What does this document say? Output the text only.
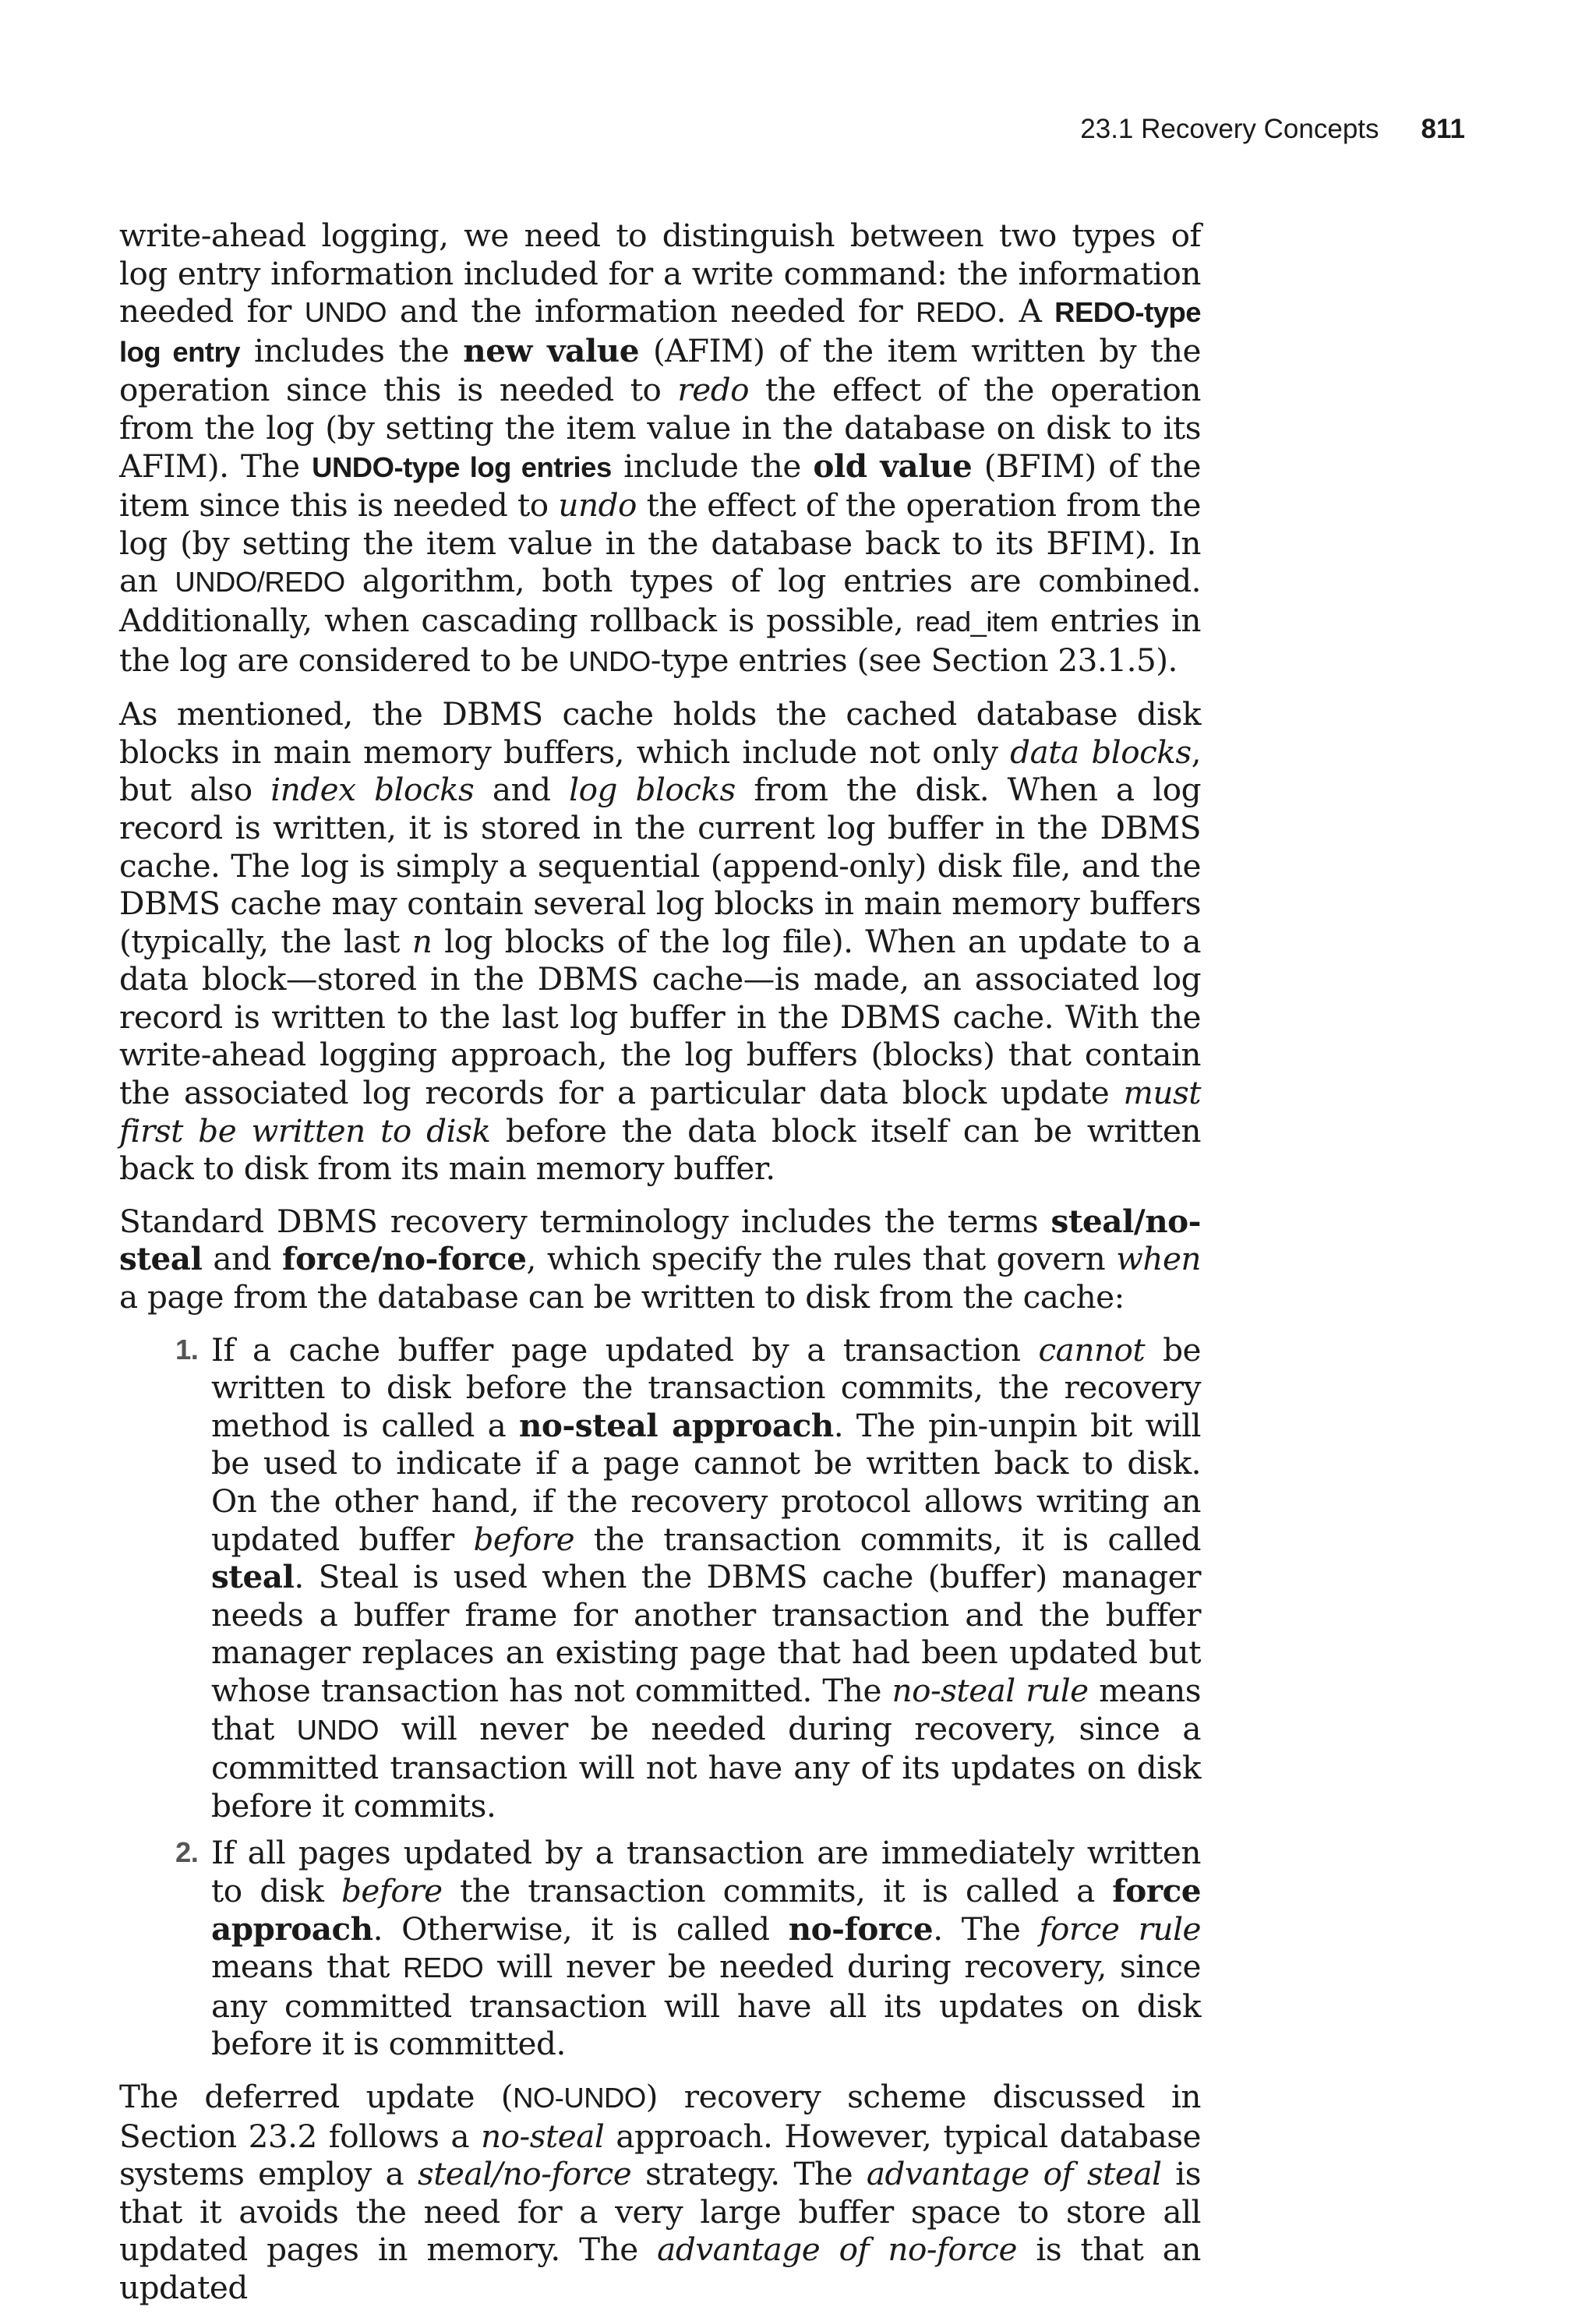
23.1 Recovery Concepts 811

write-ahead logging, we need to distinguish between two types of log entry information included for a write command: the information needed for UNDO and the information needed for REDO. A REDO-type log entry includes the new value (AFIM) of the item written by the operation since this is needed to redo the effect of the operation from the log (by setting the item value in the database on disk to its AFIM). The UNDO-type log entries include the old value (BFIM) of the item since this is needed to undo the effect of the operation from the log (by setting the item value in the database back to its BFIM). In an UNDO/REDO algorithm, both types of log entries are combined. Additionally, when cascading rollback is possible, read_item entries in the log are considered to be UNDO-type entries (see Section 23.1.5).

As mentioned, the DBMS cache holds the cached database disk blocks in main memory buffers, which include not only data blocks, but also index blocks and log blocks from the disk. When a log record is written, it is stored in the current log buffer in the DBMS cache. The log is simply a sequential (append-only) disk file, and the DBMS cache may contain several log blocks in main memory buffers (typically, the last n log blocks of the log file). When an update to a data block—stored in the DBMS cache—is made, an associated log record is written to the last log buffer in the DBMS cache. With the write-ahead logging approach, the log buffers (blocks) that contain the associated log records for a particular data block update must first be written to disk before the data block itself can be written back to disk from its main memory buffer.

Standard DBMS recovery terminology includes the terms steal/no-steal and force/no-force, which specify the rules that govern when a page from the database can be written to disk from the cache:

1. If a cache buffer page updated by a transaction cannot be written to disk before the transaction commits, the recovery method is called a no-steal approach. The pin-unpin bit will be used to indicate if a page cannot be written back to disk. On the other hand, if the recovery protocol allows writing an updated buffer before the transaction commits, it is called steal. Steal is used when the DBMS cache (buffer) manager needs a buffer frame for another transaction and the buffer manager replaces an existing page that had been updated but whose transaction has not committed. The no-steal rule means that UNDO will never be needed during recovery, since a committed transaction will not have any of its updates on disk before it commits.
2. If all pages updated by a transaction are immediately written to disk before the transaction commits, it is called a force approach. Otherwise, it is called no-force. The force rule means that REDO will never be needed during recovery, since any committed transaction will have all its updates on disk before it is committed.

The deferred update (NO-UNDO) recovery scheme discussed in Section 23.2 follows a no-steal approach. However, typical database systems employ a steal/no-force strategy. The advantage of steal is that it avoids the need for a very large buffer space to store all updated pages in memory. The advantage of no-force is that an updated
